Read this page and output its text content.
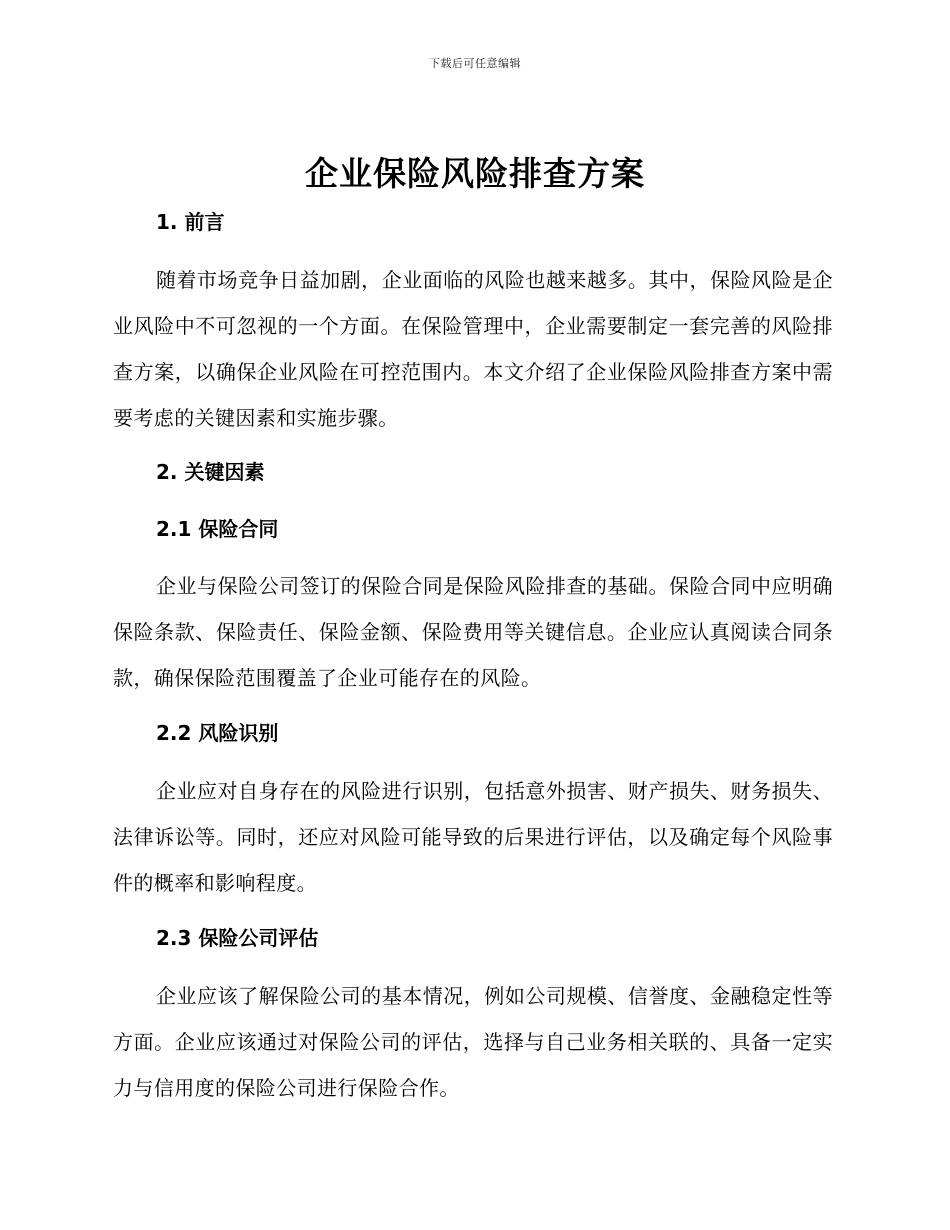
下载后可任意编辑
企业保险风险排查方案
1. 前言
随着市场竞争日益加剧，企业面临的风险也越来越多。其中，保险风险是企业风险中不可忽视的一个方面。在保险管理中，企业需要制定一套完善的风险排查方案，以确保企业风险在可控范围内。本文介绍了企业保险风险排查方案中需要考虑的关键因素和实施步骤。
2. 关键因素
2.1 保险合同
企业与保险公司签订的保险合同是保险风险排查的基础。保险合同中应明确保险条款、保险责任、保险金额、保险费用等关键信息。企业应认真阅读合同条款，确保保险范围覆盖了企业可能存在的风险。
2.2 风险识别
企业应对自身存在的风险进行识别，包括意外损害、财产损失、财务损失、法律诉讼等。同时，还应对风险可能导致的后果进行评估，以及确定每个风险事件的概率和影响程度。
2.3 保险公司评估
企业应该了解保险公司的基本情况，例如公司规模、信誉度、金融稳定性等方面。企业应该通过对保险公司的评估，选择与自己业务相关联的、具备一定实力与信用度的保险公司进行保险合作。
